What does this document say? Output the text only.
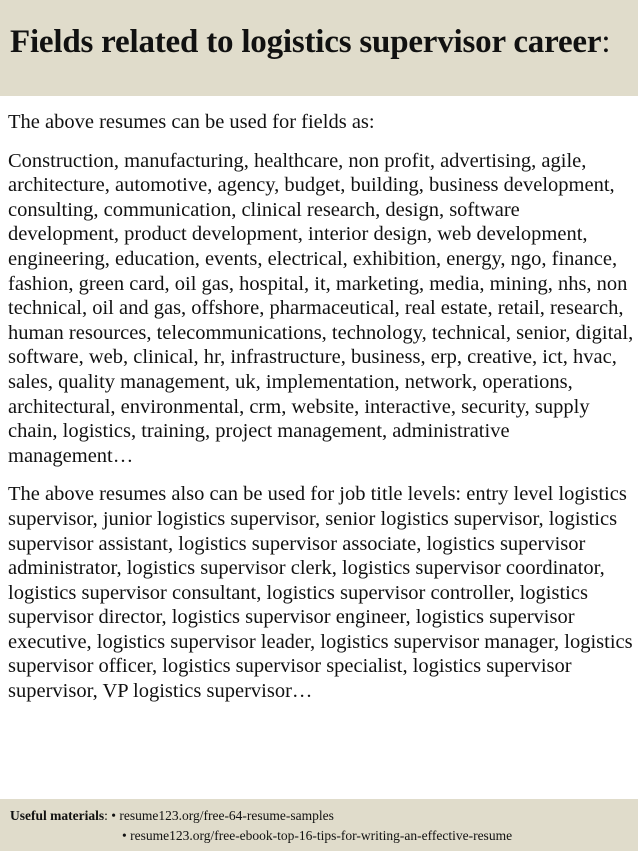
Fields related to logistics supervisor career:

The above resumes can be used for fields as:

Construction, manufacturing, healthcare, non profit, advertising, agile, architecture, automotive, agency, budget, building, business development, consulting, communication, clinical research, design, software development, product development, interior design, web development, engineering, education, events, electrical, exhibition, energy, ngo, finance, fashion, green card, oil gas, hospital, it, marketing, media, mining, nhs, non technical, oil and gas, offshore, pharmaceutical, real estate, retail, research, human resources, telecommunications, technology, technical, senior, digital, software, web, clinical, hr, infrastructure, business, erp, creative, ict, hvac, sales, quality management, uk, implementation, network, operations, architectural, environmental, crm, website, interactive, security, supply chain, logistics, training, project management, administrative management…

The above resumes also can be used for job title levels: entry level logistics supervisor, junior logistics supervisor, senior logistics supervisor, logistics supervisor assistant, logistics supervisor associate, logistics supervisor administrator, logistics supervisor clerk, logistics supervisor coordinator, logistics supervisor consultant, logistics supervisor controller, logistics supervisor director, logistics supervisor engineer, logistics supervisor executive, logistics supervisor leader, logistics supervisor manager, logistics supervisor officer, logistics supervisor specialist, logistics supervisor supervisor, VP logistics supervisor…

Useful materials: • resume123.org/free-64-resume-samples
• resume123.org/free-ebook-top-16-tips-for-writing-an-effective-resume
